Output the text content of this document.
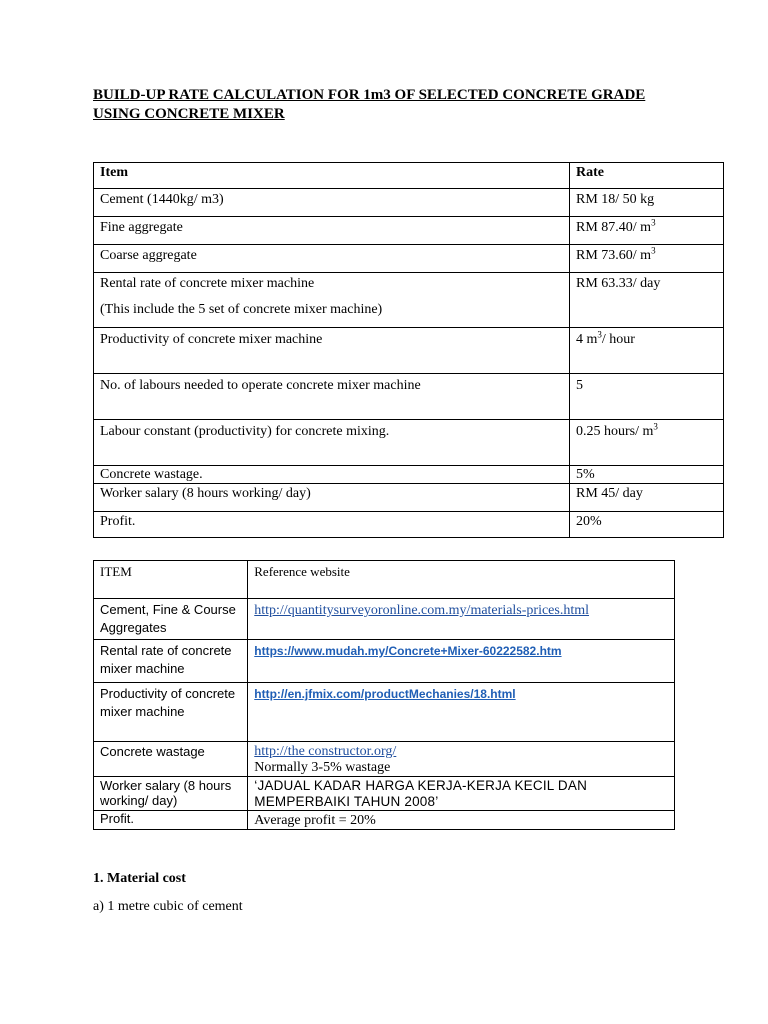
BUILD-UP RATE CALCULATION FOR 1m3 OF SELECTED CONCRETE GRADE
USING CONCRETE MIXER
Item	Rate
Cement (1440kg/ m3)	RM 18/ 50 kg
Fine aggregate	RM 87.40/ $m^3$
Coarse aggregate	RM 73.60/ $m^3$

Rental rate of concrete mixer machine
(This include the 5 set of concrete mixer machine)	RM 63.33/ day
Productivity of concrete mixer machine	4 $m^3/$ hour
No. of labours needed to operate concrete mixer machine	5
Labour constant (productivity) for concrete mixing.	0.25 hours/ $m^3$
Concrete wastage.	5%
Worker salary (8 hours working/ day)	RM 45/ day
Profit.	20%
ITEM	Reference website
Cement, Fine & Course Aggregates	http://quantitysurveyoronline.com.my/materials-prices.html
Rental rate of concrete mixer machine	https://www.mudah.my/Concrete+Mixer-60222582.htm
Productivity of concrete mixer machine	http://en.jfmix.com/productMechanies/18.html
Concrete wastage	http://the constructor.org/
Normally 3-5% wastage

Worker salary (8 hours working/ day)	‘JADUAL KADAR HARGA KERJA-KERJA KECIL DAN MEMPERBAIKI TAHUN 2008’

Profit.	Average profit = 20%
1. Material cost
a) 1 metre cubic of cement
